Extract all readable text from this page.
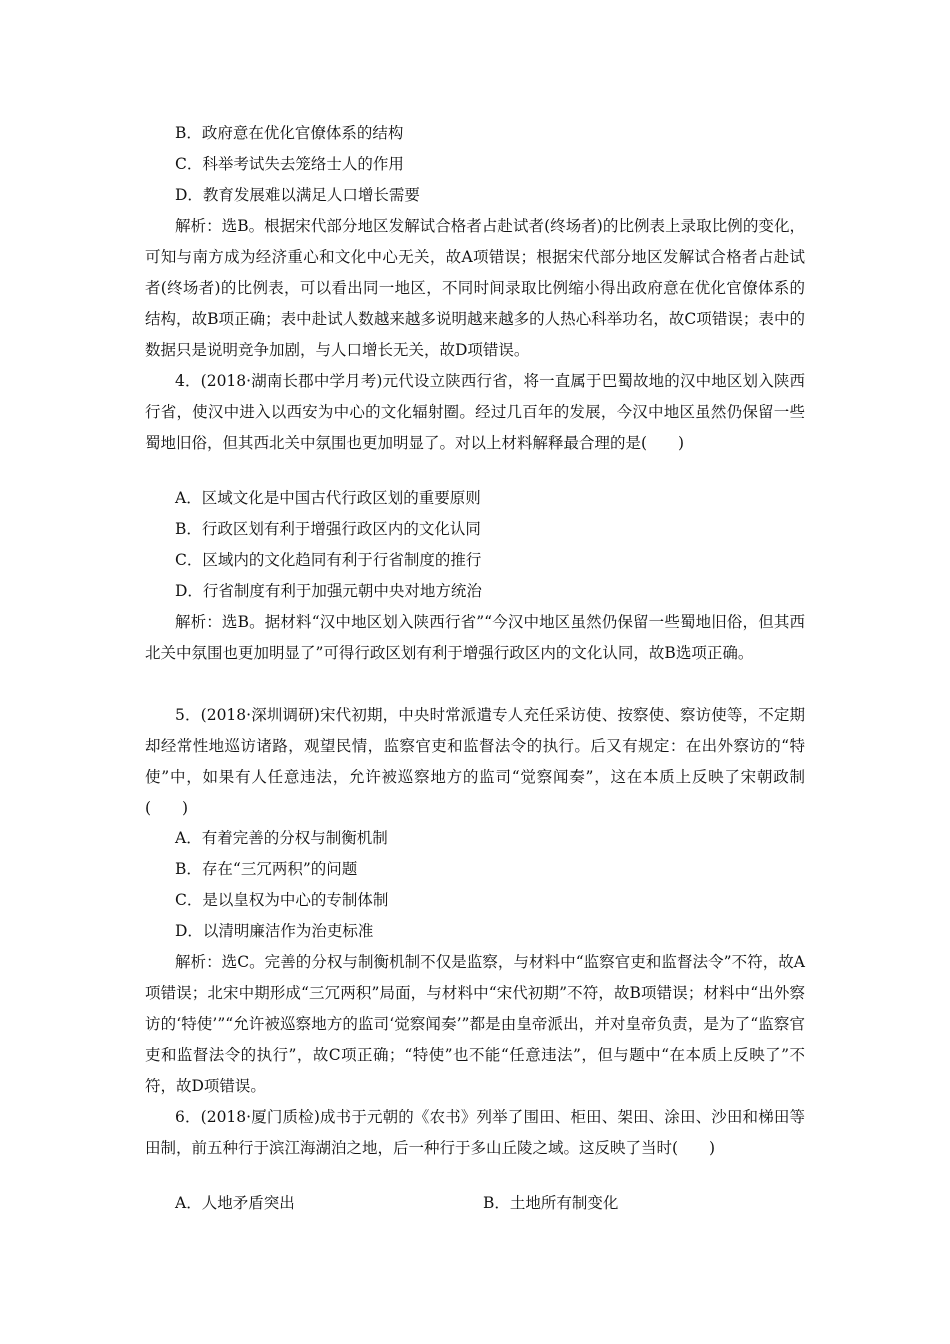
B．政府意在优化官僚体系的结构
C．科举考试失去笼络士人的作用
D．教育发展难以满足人口增长需要

解析：选B。根据宋代部分地区发解试合格者占赴试者(终场者)的比例表上录取比例的变化，可知与南方成为经济重心和文化中心无关，故A项错误；根据宋代部分地区发解试合格者占赴试者(终场者)的比例表，可以看出同一地区，不同时间录取比例缩小得出政府意在优化官僚体系的结构，故B项正确；表中赴试人数越来越多说明越来越多的人热心科举功名，故C项错误；表中的数据只是说明竞争加剧，与人口增长无关，故D项错误。

4．(2018·湖南长郡中学月考)元代设立陕西行省，将一直属于巴蜀故地的汉中地区划入陕西行省，使汉中进入以西安为中心的文化辐射圈。经过几百年的发展，今汉中地区虽然仍保留一些蜀地旧俗，但其西北关中氛围也更加明显了。对以上材料解释最合理的是(　　)

A．区域文化是中国古代行政区划的重要原则
B．行政区划有利于增强行政区内的文化认同
C．区域内的文化趋同有利于行省制度的推行
D．行省制度有利于加强元朝中央对地方统治

解析：选B。据材料“汉中地区划入陕西行省”“今汉中地区虽然仍保留一些蜀地旧俗，但其西北关中氛围也更加明显了”可得行政区划有利于增强行政区内的文化认同，故B选项正确。

5．(2018·深圳调研)宋代初期，中央时常派遣专人充任采访使、按察使、察访使等，不定期却经常性地巡访诸路，观望民情，监察官吏和监督法令的执行。后又有规定：在出外察访的“特使”中，如果有人任意违法，允许被巡察地方的监司“觉察闻奏”，这在本质上反映了宋朝政制(　　)

A．有着完善的分权与制衡机制
B．存在“三冗两积”的问题
C．是以皇权为中心的专制体制
D．以清明廉洁作为治吏标准

解析：选C。完善的分权与制衡机制不仅是监察，与材料中“监察官吏和监督法令”不符，故A项错误；北宋中期形成“三冗两积”局面，与材料中“宋代初期”不符，故B项错误；材料中“出外察访的‘特使’”“允许被巡察地方的监司‘觉察闻奏’”都是由皇帝派出，并对皇帝负责，是为了“监察官吏和监督法令的执行”，故C项正确；“特使”也不能“任意违法”，但与题中“在本质上反映了”不符，故D项错误。

6．(2018·厦门质检)成书于元朝的《农书》列举了围田、柜田、架田、涂田、沙田和梯田等田制，前五种行于滨江海湖泊之地，后一种行于多山丘陵之域。这反映了当时(　　)

A．人地矛盾突出	B．土地所有制变化
